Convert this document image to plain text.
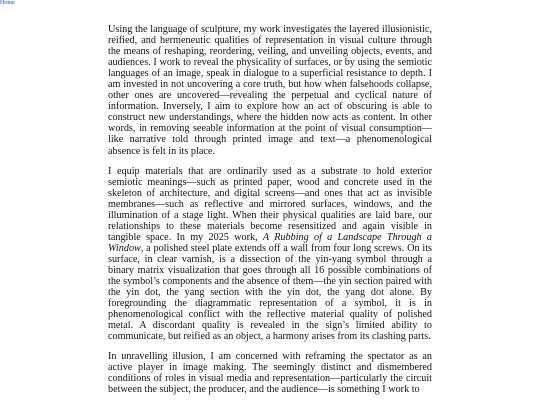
Home

Using the language of sculpture, my work investigates the layered illusionistic, reified, and hermeneutic qualities of representation in visual culture through the means of reshaping, reordering, veiling, and unveiling objects, events, and audiences. I work to reveal the physicality of surfaces, or by using the semiotic languages of an image, speak in dialogue to a superficial resistance to depth. I am invested in not uncovering a core truth, but how when falsehoods collapse, other ones are uncovered—revealing the perpetual and cyclical nature of information. Inversely, I aim to explore how an act of obscuring is able to construct new understandings, where the hidden now acts as content. In other words, in removing seeable information at the point of visual consumption—like narrative told through printed image and text—a phenomenological absence is felt in its place.

I equip materials that are ordinarily used as a substrate to hold exterior semiotic meanings—such as printed paper, wood and concrete used in the skeleton of architecture, and digital screens—and ones that act as invisible membranes—such as reflective and mirrored surfaces, windows, and the illumination of a stage light. When their physical qualities are laid bare, our relationships to these materials become resensitized and again visible in tangible space. In my 2025 work, A Rubbing of a Landscape Through a Window, a polished steel plate extends off a wall from four long screws. On its surface, in clear varnish, is a dissection of the yin-yang symbol through a binary matrix visualization that goes through all 16 possible combinations of the symbol’s components and the absence of them—the yin section paired with the yin dot, the yang section with the yin dot, the yang dot alone. By foregrounding the diagrammatic representation of a symbol, it is in phenomenological conflict with the reflective material quality of polished metal. A discordant quality is revealed in the sign’s limited ability to communicate, but reified as an object, a harmony arises from its clashing parts.

In unravelling illusion, I am concerned with reframing the spectator as an active player in image making. The seemingly distinct and dismembered conditions of roles in visual media and representation—particularly the circuit between the subject, the producer, and the audience—is something I work to
